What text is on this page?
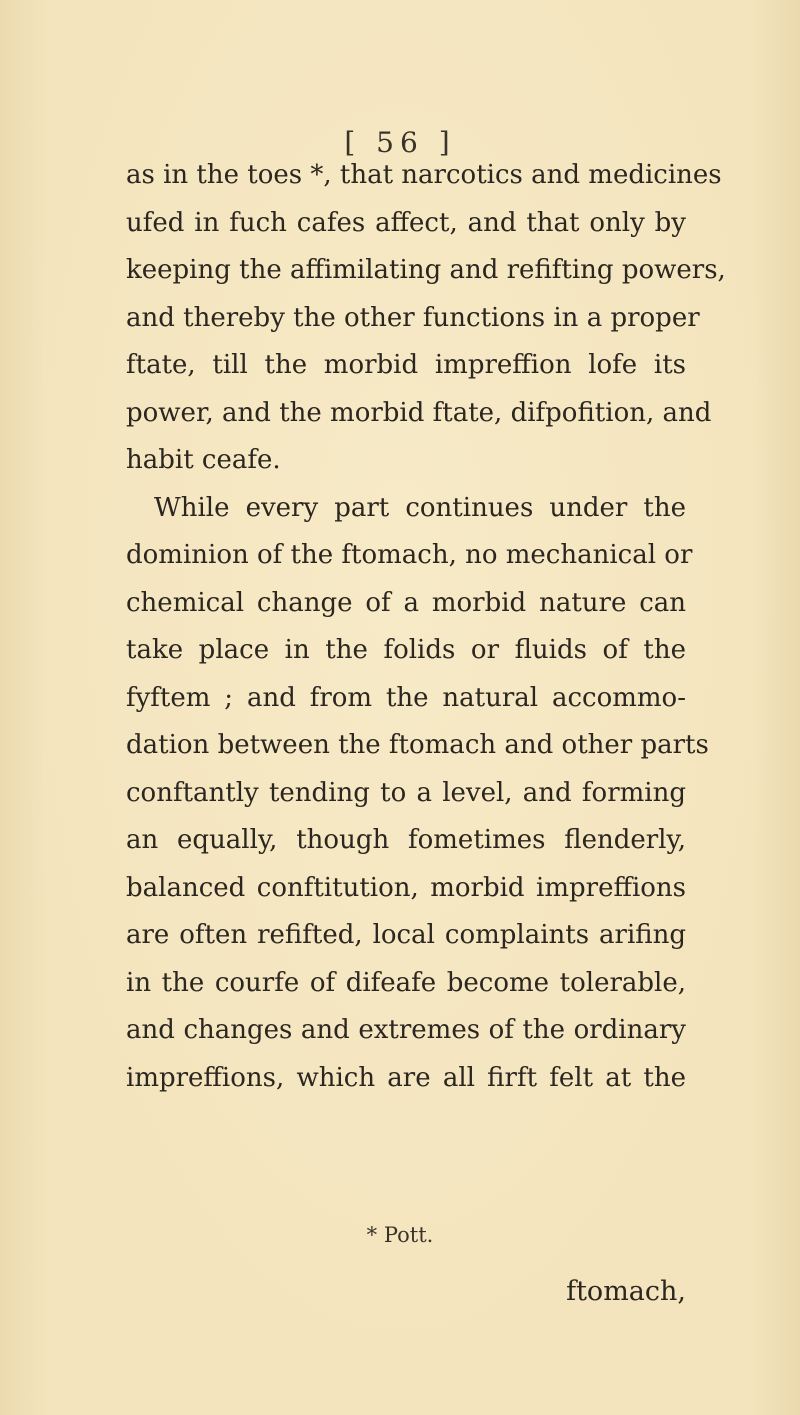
[ 56 ]
as in the toes *, that narcotics and medicines
ufed in fuch cafes affect, and that only by
keeping the affimilating and refifting powers,
and thereby the other functions in a proper
ftate, till the morbid impreffion lofe its
power, and the morbid ftate, difpofition, and
habit ceafe.
While every part continues under the
dominion of the ftomach, no mechanical or
chemical change of a morbid nature can
take place in the folids or fluids of the
fyftem ; and from the natural accommo-
dation between the ftomach and other parts
conftantly tending to a level, and forming
an equally, though fometimes flenderly,
balanced conftitution, morbid impreffions
are often refifted, local complaints arifing
in the courfe of difeafe become tolerable,
and changes and extremes of the ordinary
impreffions, which are all firft felt at the
* Pott.
ftomach,
